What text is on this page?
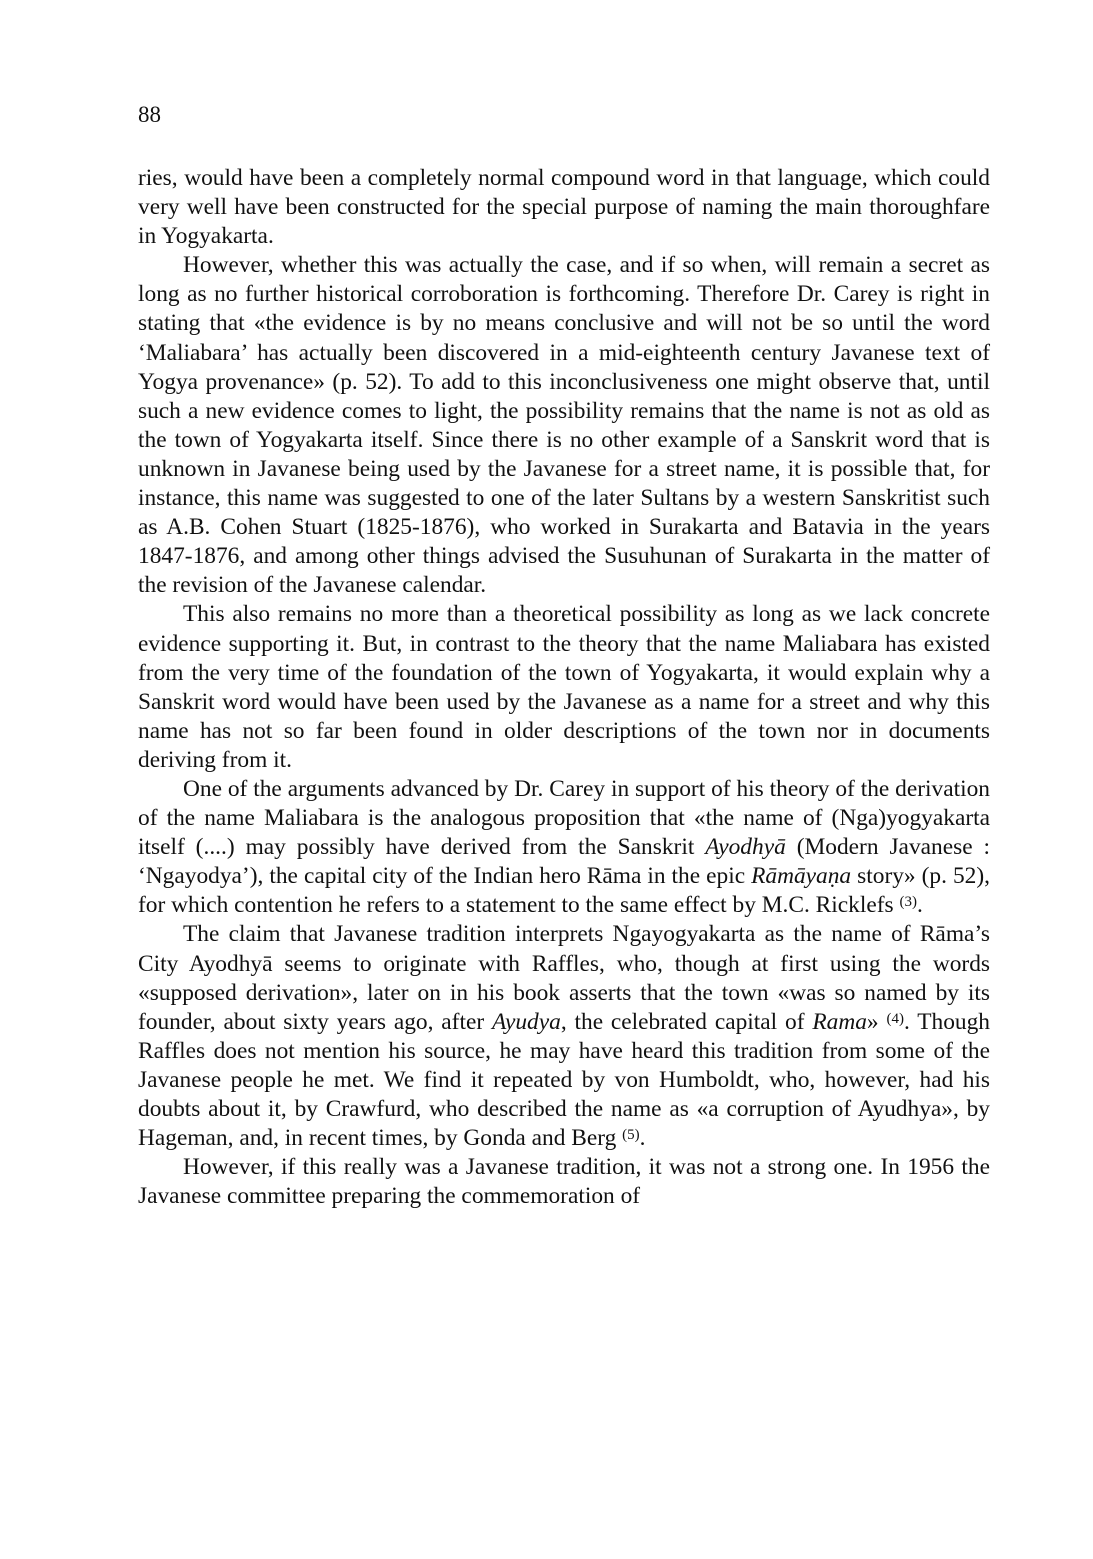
88

ries, would have been a completely normal compound word in that language, which could very well have been constructed for the special purpose of naming the main thoroughfare in Yogyakarta.

However, whether this was actually the case, and if so when, will remain a secret as long as no further historical corroboration is forthcoming. Therefore Dr. Carey is right in stating that «the evidence is by no means conclusive and will not be so until the word ‘Maliabara’ has actually been discovered in a mid-eighteenth century Javanese text of Yogya provenance» (p. 52). To add to this inconclusiveness one might observe that, until such a new evidence comes to light, the possibility remains that the name is not as old as the town of Yogyakarta itself. Since there is no other example of a Sanskrit word that is unknown in Javanese being used by the Javanese for a street name, it is possible that, for instance, this name was suggested to one of the later Sultans by a western Sanskritist such as A.B. Cohen Stuart (1825-1876), who worked in Surakarta and Batavia in the years 1847-1876, and among other things advised the Susuhunan of Surakarta in the matter of the revision of the Javanese calendar.

This also remains no more than a theoretical possibility as long as we lack concrete evidence supporting it. But, in contrast to the theory that the name Maliabara has existed from the very time of the foundation of the town of Yogyakarta, it would explain why a Sanskrit word would have been used by the Javanese as a name for a street and why this name has not so far been found in older descriptions of the town nor in documents deriving from it.

One of the arguments advanced by Dr. Carey in support of his theory of the derivation of the name Maliabara is the analogous proposition that «the name of (Nga)yogyakarta itself (....) may possibly have derived from the Sanskrit Ayodhyā (Modern Javanese : ‘Ngayodya’), the capital city of the Indian hero Rāma in the epic Rāmāyaṇa story» (p. 52), for which contention he refers to a statement to the same effect by M.C. Ricklefs $^{(3)}$.

The claim that Javanese tradition interprets Ngayogyakarta as the name of Rāma’s City Ayodhyā seems to originate with Raffles, who, though at first using the words «supposed derivation», later on in his book asserts that the town «was so named by its founder, about sixty years ago, after Ayudya, the celebrated capital of Rama» $^{(4)}$. Though Raffles does not mention his source, he may have heard this tradition from some of the Javanese people he met. We find it repeated by von Humboldt, who, however, had his doubts about it, by Crawfurd, who described the name as «a corruption of Ayudhya», by Hageman, and, in recent times, by Gonda and Berg $^{(5)}$.

However, if this really was a Javanese tradition, it was not a strong one. In 1956 the Javanese committee preparing the commemoration of
